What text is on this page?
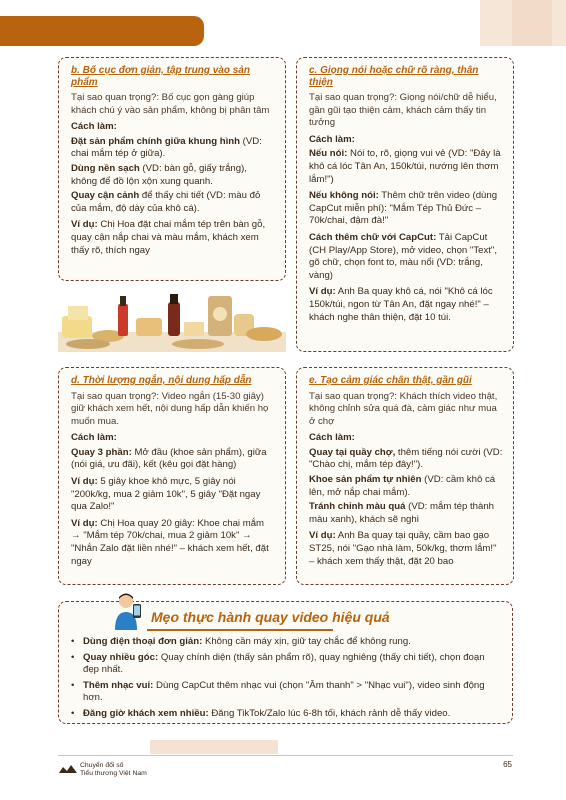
b. Bố cục đơn giản, tập trung vào sản phẩm

Tại sao quan trọng?: Bố cục gọn gàng giúp khách chú ý vào sản phẩm, không bị phân tâm

Cách làm:

Đặt sản phẩm chính giữa khung hình (VD: chai mắm tép ở giữa).

Dùng nền sạch (VD: bàn gỗ, giấy trắng), không để đồ lộn xộn xung quanh.

Quay cận cảnh để thấy chi tiết (VD: màu đỏ của mắm, độ dày của khô cá).

Ví dụ: Chị Hoa đặt chai mắm tép trên bàn gỗ, quay cận nắp chai và màu mắm, khách xem thấy rõ, thích ngay

c. Giọng nói hoặc chữ rõ ràng, thân thiện

Tại sao quan trọng?: Giọng nói/chữ dễ hiểu, gần gũi tạo thiện cảm, khách cảm thấy tin tưởng

Cách làm:

Nếu nói: Nói to, rõ, giọng vui vẻ (VD: "Đây là khô cá lóc Tân An, 150k/túi, nướng lên thơm lắm!")

Nếu không nói: Thêm chữ trên video (dùng CapCut miễn phí): "Mắm Tép Thủ Đức – 70k/chai, đậm đà!"

Cách thêm chữ với CapCut: Tải CapCut (CH Play/App Store), mở video, chọn "Text", gõ chữ, chọn font to, màu nổi (VD: trắng, vàng)

Ví dụ: Anh Ba quay khô cá, nói "Khô cá lóc 150k/túi, ngon từ Tân An, đặt ngay nhé!" – khách nghe thân thiện, đặt 10 túi.

d. Thời lượng ngắn, nội dung hấp dẫn

Tại sao quan trọng?: Video ngắn (15-30 giây) giữ khách xem hết, nội dung hấp dẫn khiến họ muốn mua.

Cách làm:

Quay 3 phần: Mở đầu (khoe sản phẩm), giữa (nói giá, ưu đãi), kết (kêu gọi đặt hàng)

Ví dụ: 5 giây khoe khô mực, 5 giây nói "200k/kg, mua 2 giảm 10k", 5 giây "Đặt ngay qua Zalo!"

Ví dụ: Chị Hoa quay 20 giây: Khoe chai mắm → "Mắm tép 70k/chai, mua 2 giảm 10k" → "Nhắn Zalo đặt liền nhé!" – khách xem hết, đặt ngay

e. Tạo cảm giác chân thật, gần gũi

Tại sao quan trọng?: Khách thích video thật, không chỉnh sửa quá đà, cảm giác như mua ở chợ

Cách làm:

Quay tại quầy chợ, thêm tiếng nói cười (VD: "Chào chị, mắm tép đây!").

Khoe sản phẩm tự nhiên (VD: cầm khô cá lên, mở nắp chai mắm).

Tránh chỉnh màu quá (VD: mắm tép thành màu xanh), khách sẽ nghi

Ví dụ: Anh Ba quay tại quầy, cầm bao gạo ST25, nói "Gạo nhà làm, 50k/kg, thơm lắm!" – khách xem thấy thật, đặt 20 bao

Mẹo thực hành quay video hiệu quả
• Dùng điện thoại đơn giản: Không cần máy xịn, giữ tay chắc để không rung.
• Quay nhiều góc: Quay chính diện (thấy sản phẩm rõ), quay nghiêng (thấy chi tiết), chọn đoạn đẹp nhất.
• Thêm nhạc vui: Dùng CapCut thêm nhạc vui (chọn "Âm thanh" > "Nhạc vui"), video sinh động hơn.
• Đăng giờ khách xem nhiều: Đăng TikTok/Zalo lúc 6-8h tối, khách rảnh dễ thấy video.
Chuyển đổi số
Tiểu thương Việt Nam
65
